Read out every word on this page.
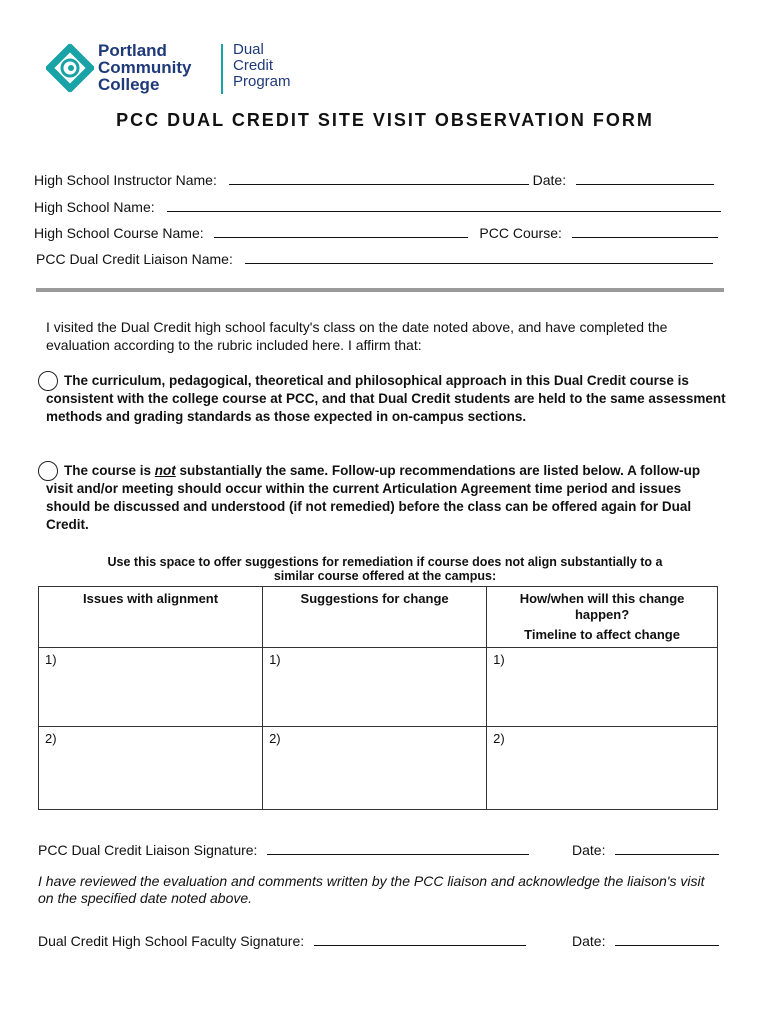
Portland
Community
College
Dual
Credit
Program
PCC DUAL CREDIT SITE VISIT OBSERVATION FORM
High School Instructor Name:	Date:
High School Name:
High School Course Name:	PCC Course:
PCC Dual Credit Liaison Name:
I visited the Dual Credit high school faculty's class on the date noted above, and have completed the evaluation according to the rubric included here. I affirm that:
The curriculum, pedagogical, theoretical and philosophical approach in this Dual Credit course is consistent with the college course at PCC, and that Dual Credit students are held to the same assessment methods and grading standards as those expected in on-campus sections.
The course is not substantially the same. Follow-up recommendations are listed below. A follow-up visit and/or meeting should occur within the current Articulation Agreement time period and issues should be discussed and understood (if not remedied) before the class can be offered again for Dual Credit.
Use this space to offer suggestions for remediation if course does not align substantially to a similar course offered at the campus:
Issues with alignment	Suggestions for change	How/when will this change happen?
Timeline to affect change

1)	1)	1)
2)	2)	2)
PCC Dual Credit Liaison Signature:	Date:
I have reviewed the evaluation and comments written by the PCC liaison and acknowledge the liaison's visit on the specified date noted above.
Dual Credit High School Faculty Signature:	Date:
